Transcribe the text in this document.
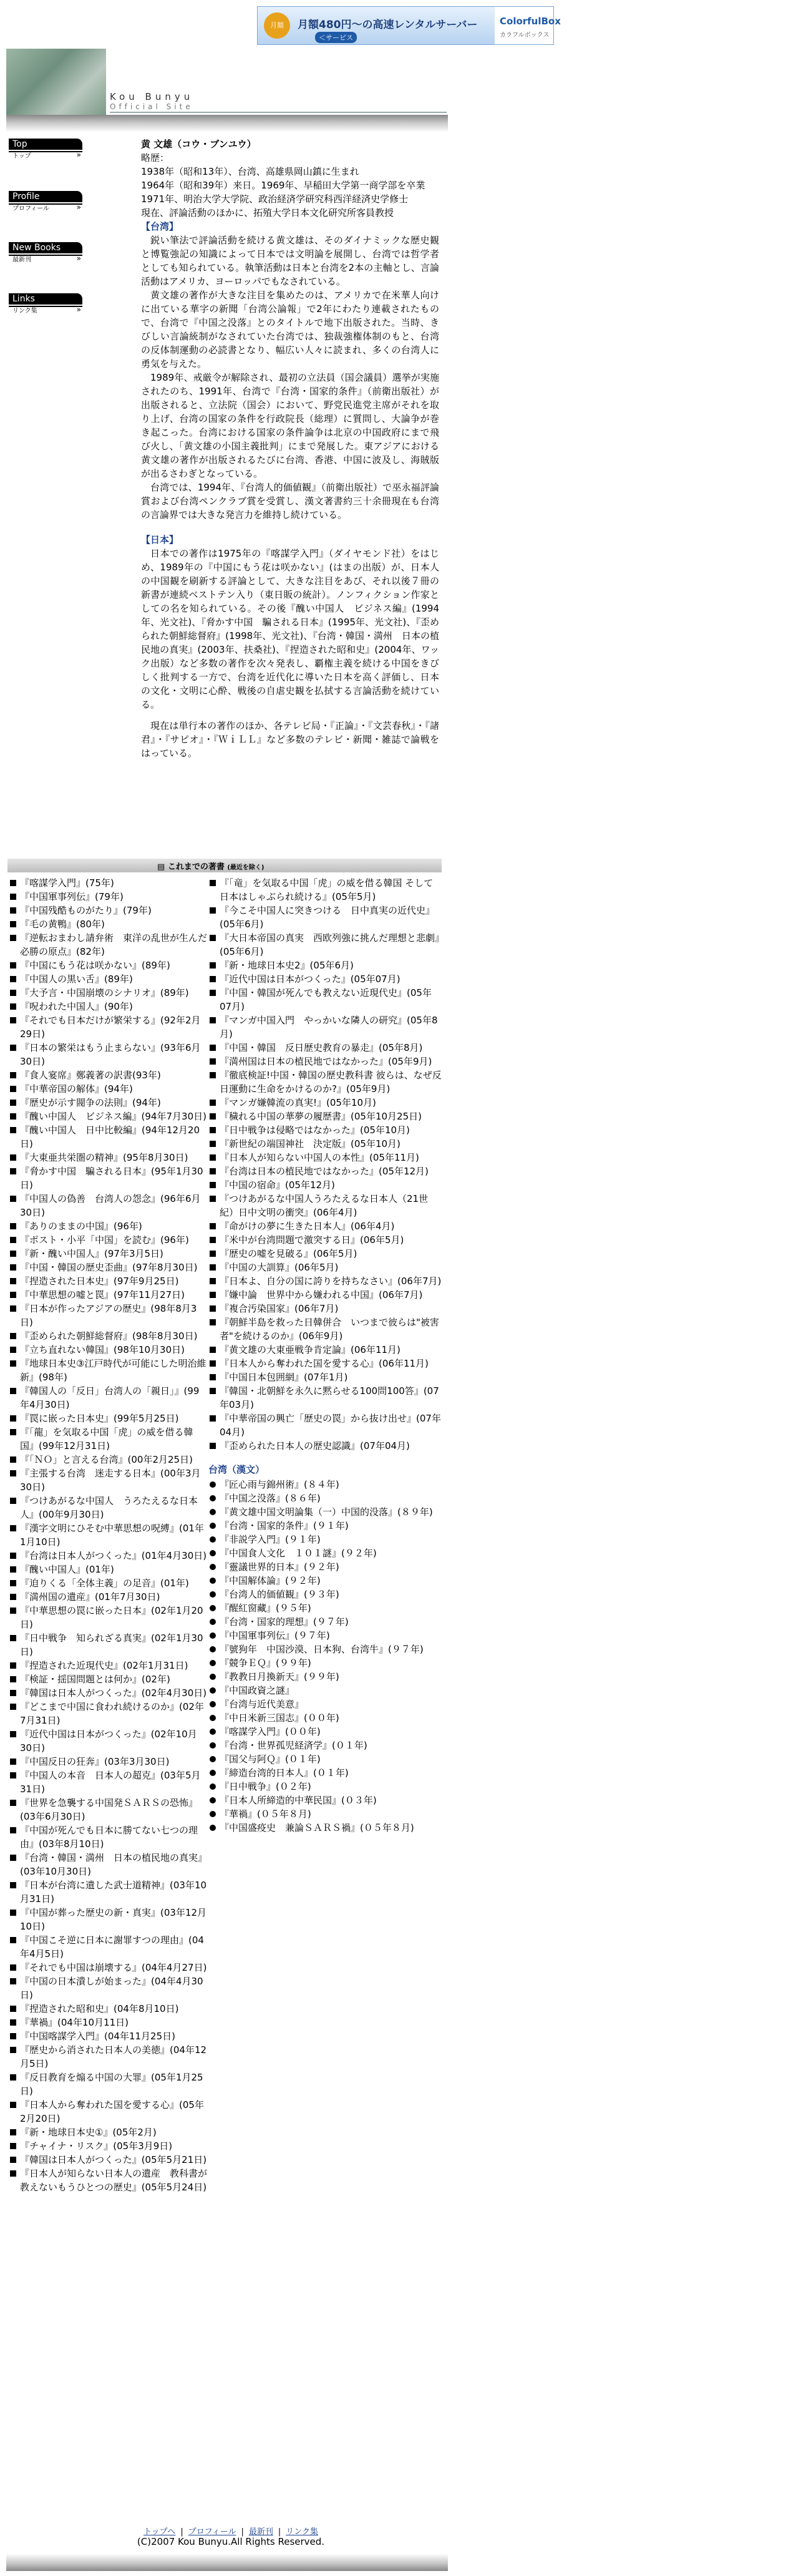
月額	月額480円〜の高速レンタルサーバー
＜サービス
ColorfulBox
カラフルボックス
Kou Bunyu
Official Site
Top
トップ »
Profile
プロフィール »
New Books
最新刊 »
Links
リンク集 »

黄 文雄（コウ・ブンユウ）

略歴：

1938年（昭和13年）、台湾、高雄県岡山鎮に生まれ

1964年（昭和39年）来日。1969年、早稲田大学第一商学部を卒業

1971年、明治大学大学院、政治経済学研究科西洋経済史学修士

現在、評論活動のほかに、拓殖大学日本文化研究所客員教授

【台湾】

鋭い筆法で評論活動を続ける黄文雄は、そのダイナミックな歴史観と博覧強記の知識によって日本では文明論を展開し、台湾では哲学者としても知られている。執筆活動は日本と台湾を2本の主軸とし、言論活動はアメリカ、ヨーロッパでもなされている。

黄文雄の著作が大きな注目を集めたのは、アメリカで在米華人向けに出ている華字の新聞「台湾公論報」で2年にわたり連載されたもので、台湾で『中国之没落』とのタイトルで地下出版された。当時、きびしい言論統制がなされていた台湾では、独裁強権体制のもと、台湾の反体制運動の必読書となり、幅広い人々に読まれ、多くの台湾人に勇気を与えた。

1989年、戒厳令が解除され、最初の立法員（国会議員）選挙が実施されたのち、1991年、台湾で『台湾・国家的条件』（前衛出版社）が出版されると、立法院（国会）において、野党民進党主席がそれを取り上げ、台湾の国家の条件を行政院長（総理）に質問し、大論争が巻き起こった。台湾における国家の条件論争は北京の中国政府にまで飛び火し、「黄文雄の小国主義批判」にまで発展した。東アジアにおける黄文雄の著作が出版されるたびに台湾、香港、中国に波及し、海賊版が出るさわぎとなっている。

台湾では、1994年、『台湾人的価値観』（前衛出版社）で巫永福評論賞および台湾ペンクラブ賞を受賞し、漢文著書約三十余冊現在も台湾の言論界では大きな発言力を維持し続けている。

【日本】

日本での著作は1975年の『喀謀学入門』（ダイヤモンド社）をはじめ、1989年の『中国にもう花は咲かない』(はまの出版）が、日本人の中国観を刷新する評論として、大きな注目をあび、それ以後７冊の新書が連続ベストテン入り（東日販の統計）。ノンフィクション作家としての名を知られている。その後『醜い中国人　ビジネス編』(1994年、光文社)、『脅かす中国　騙される日本』(1995年、光文社)、『歪められた朝鮮総督府』(1998年、光文社)、『台湾・韓国・満州　日本の植民地の真実』(2003年、扶桑社)、『捏造された昭和史』(2004年、ワック出版）など多数の著作を次々発表し、覇権主義を続ける中国をきびしく批判する一方で、台湾を近代化に導いた日本を高く評価し、日本の文化・文明に心酔、戦後の自虐史観を払拭する言論活動を続けている。

現在は単行本の著作のほか、各テレビ局・『正論』・『文芸春秋』・『諸君』・『サピオ』・『ＷｉＬＬ』など多数のテレビ・新聞・雑誌で論戦をはっている。

▤ これまでの著書 (最近を除く)
『喀謀学入門』(75年)
『中国軍事列伝』(79年)
『中国残酷ものがたり』(79年)
『毛の黄鴨』(80年)
『逆転おまわし請弁術　東洋の乱世が生んだ必勝の原点』(82年)
『中国にもう花は咲かない』(89年)
『中国人の黒い舌』(89年)
『大予言・中国崩壊のシナリオ』(89年)
『呪われた中国人』(90年)
『それでも日本だけが繁栄する』(92年2月29日)
『日本の繁栄はもう止まらない』(93年6月30日)
『食人宴席』鄭義著の訳書(93年)
『中華帝国の解体』(94年)
『歴史が示す閥争の法則』(94年)
『醜い中国人　ビジネス編』(94年7月30日)
『醜い中国人　日中比較編』(94年12月20日)
『大東亜共栄圏の精神』(95年8月30日)
『脅かす中国　騙される日本』(95年1月30日)
『中国人の偽善　台湾人の怨念』(96年6月30日)
『ありのままの中国』(96年)
『ポスト・小平「中国」を読む』(96年)
『新・醜い中国人』(97年3月5日)
『中国・韓国の歴史歪曲』(97年8月30日)
『捏造された日本史』(97年9月25日)
『中華思想の嘘と罠』(97年11月27日)
『日本が作ったアジアの歴史』(98年8月3日)
『歪められた朝鮮総督府』(98年8月30日)
『立ち直れない韓国』(98年10月30日)
『地球日本史③江戸時代が可能にした明治維新』(98年)
『韓国人の「反日」台湾人の「親日」』(99年4月30日)
『罠に嵌った日本史』(99年5月25日)
『「龍」を気取る中国「虎」の威を借る韓国』(99年12月31日)
『「ＮＯ」と言える台湾』(00年2月25日)
『主張する台湾　迷走する日本』(00年3月30日)
『つけあがるな中国人　うろたえるな日本人』(00年9月30日)
『漢字文明にひそむ中華思想の呪縛』(01年1月10日)
『台湾は日本人がつくった』(01年4月30日)
『醜い中国人』(01年)
『迫りくる「全体主義」の足音』(01年)
『満州国の遺産』(01年7月30日)
『中華思想の罠に嵌った日本』(02年1月20日)
『日中戦争　知られざる真実』(02年1月30日)
『捏造された近現代史』(02年1月31日)
『検証・揺国問題とは何か』(02年)
『韓国は日本人がつくった』(02年4月30日)
『どこまで中国に食われ続けるのか』(02年7月31日)
『近代中国は日本がつくった』(02年10月30日)
『中国反日の狂奔』(03年3月30日)
『中国人の本音　日本人の超克』(03年5月31日)
『世界を急襲する中国発ＳＡＲＳの恐怖』(03年6月30日)
『中国が死んでも日本に勝てない七つの理由』(03年8月10日)
『台湾・韓国・満州　日本の植民地の真実』(03年10月30日)
『日本が台湾に遺した武士道精神』(03年10月31日)
『中国が葬った歴史の新・真実』(03年12月10日)
『中国こそ逆に日本に謝罪すつの理由』(04年4月5日)
『それでも中国は崩壊する』(04年4月27日)
『中国の日本潰しが始まった』(04年4月30日)
『捏造された昭和史』(04年8月10日)
『華禍』(04年10月11日)
『中国喀謀学入門』(04年11月25日)
『歴史から消された日本人の美徳』(04年12月5日)
『反日教育を煽る中国の大罪』(05年1月25日)
『日本人から奪われた国を愛する心』(05年2月20日)
『新・地球日本史①』(05年2月)
『チャイナ・リスク』(05年3月9日)
『韓国は日本人がつくった』(05年5月21日)
『日本人が知らない日本人の遺産　教科書が教えないもうひとつの歴史』(05年5月24日)
『「竜」を気取る中国「虎」の威を借る韓国 そして日本はしゃぶられ続ける』(05年5月)
『今こそ中国人に突きつける　日中真実の近代史』(05年6月)
『大日本帝国の真実　西欧列強に挑んだ理想と悲劇』(05年6月)
『新・地球日本史2』(05年6月)
『近代中国は日本がつくった』(05年07月)
『中国・韓国が死んでも教えない近現代史』(05年07月)
『マンガ中国入門　やっかいな隣人の研究』(05年8月)
『中国・韓国　反日歴史教育の暴走』(05年8月)
『満州国は日本の植民地ではなかった』(05年9月)
『徹底検証!中国・韓国の歴史教科書 彼らは、なぜ反日運動に生命をかけるのか?』(05年9月)
『マンガ嫌韓流の真実!』(05年10月)
『穢れる中国の華夢の履歴書』(05年10月25日)
『日中戦争は侵略ではなかった』(05年10月)
『新世紀の端国神社　決定版』(05年10月)
『日本人が知らない中国人の本性』(05年11月)
『台湾は日本の植民地ではなかった』(05年12月)
『中国の宿命』(05年12月)
『つけあがるな中国人うろたえるな日本人（21世紀）日中文明の衝突』(06年4月)
『命がけの夢に生きた日本人』(06年4月)
『米中が台湾問題で激突する日』(06年5月)
『歴史の嘘を見破る』(06年5月)
『中国の大訓算』(06年5月)
『日本よ、自分の国に誇りを持ちなさい』(06年7月)
『嫌中論　世界中から嫌われる中国』(06年7月)
『複合汚染国家』(06年7月)
『朝鮮半島を救った日韓併合　いつまで彼らは"被害者"を続けるのか』(06年9月)
『黄文雄の大東亜戦争肯定論』(06年11月)
『日本人から奪われた国を愛する心』(06年11月)
『中国日本包囲網』(07年1月)
『韓国・北朝鮮を永久に黙らせる100問100答』(07年03月)
『中華帝国の興亡「歴史の罠」から抜け出せ』(07年04月)
『歪められた日本人の歴史認識』(07年04月)
台湾（漢文）
『匠心雨与錦州術』(８４年)
『中国之没落』(８６年)
『黄文雄中国文明論集（一）中国的没落』(８９年)
『台湾・国家的条件』(９１年)
『非説学入門』(９１年)
『中国食人文化　１０１謎』(９２年)
『靈議世界的日本』(９２年)
『中国解体論』(９２年)
『台湾人的価値観』(９３年)
『醒紅窗藏』(９５年)
『台湾・国家的理想』(９７年)
『中国軍事列伝』(９７年)
『號狗年　中国沙漠、日本狗、台湾牛』(９７年)
『競争ＥＱ』(９９年)
『教教日月換新天』(９９年)
『中国政資之謎』
『台湾与近代美意』
『中日米新三国志』(００年)
『喀謀学入門』(００年)
『台湾・世界孤児経済学』(０１年)
『国父与阿Ｑ』(０１年)
『締造台湾的日本人』(０１年)
『日中戦争』(０２年)
『日本人所締造的中華民国』(０３年)
『華禍』(０５年８月)
『中国盛疫史　兼論ＳＡＲＳ禍』(０５年８月)
トップへ | プロフィール | 最新刊 | リンク集
(C)2007 Kou Bunyu.All Rights Reserved.
